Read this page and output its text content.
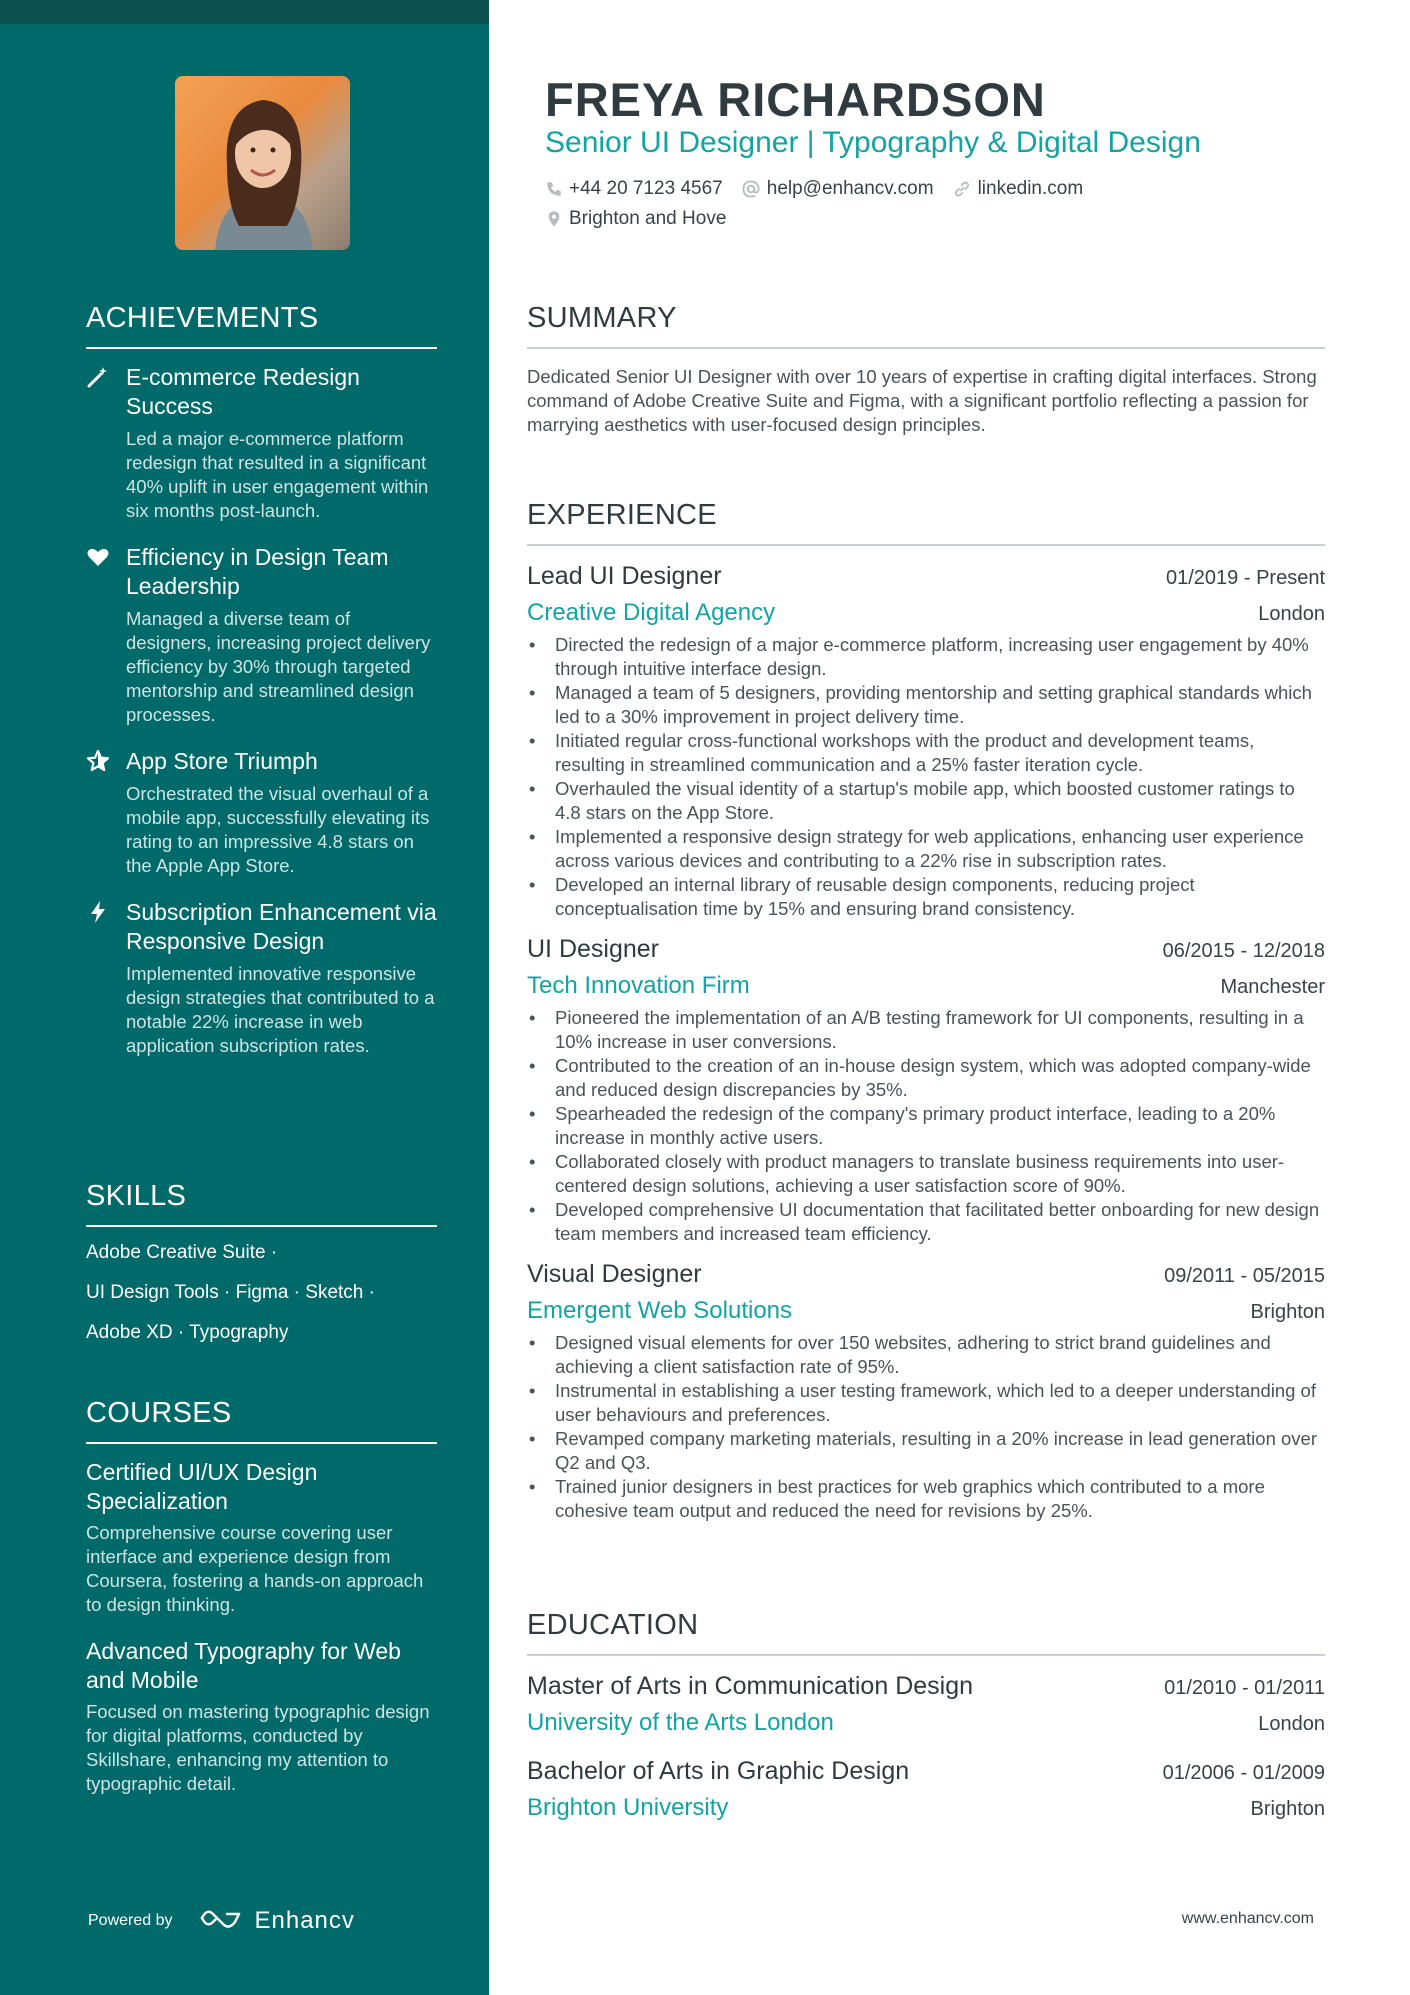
ACHIEVEMENTS
E-commerce Redesign Success
Led a major e-commerce platform redesign that resulted in a significant 40% uplift in user engagement within six months post-launch.
Efficiency in Design Team Leadership
Managed a diverse team of designers, increasing project delivery efficiency by 30% through targeted mentorship and streamlined design processes.
App Store Triumph
Orchestrated the visual overhaul of a mobile app, successfully elevating its rating to an impressive 4.8 stars on the Apple App Store.
Subscription Enhancement via Responsive Design
Implemented innovative responsive design strategies that contributed to a notable 22% increase in web application subscription rates.
SKILLS
Adobe Creative Suite ·
UI Design Tools · Figma · Sketch ·
Adobe XD · Typography
COURSES
Certified UI/UX Design Specialization
Comprehensive course covering user interface and experience design from Coursera, fostering a hands-on approach to design thinking.
Advanced Typography for Web and Mobile
Focused on mastering typographic design for digital platforms, conducted by Skillshare, enhancing my attention to typographic detail.
Powered by	Enhancv
FREYA RICHARDSON
Senior UI Designer | Typography & Digital Design
+44 20 7123 4567 help@enhancv.com linkedin.com
Brighton and Hove
SUMMARY
Dedicated Senior UI Designer with over 10 years of expertise in crafting digital interfaces. Strong command of Adobe Creative Suite and Figma, with a significant portfolio reflecting a passion for marrying aesthetics with user-focused design principles.
EXPERIENCE
Lead UI Designer	01/2019 - Present
Creative Digital Agency	London
• Directed the redesign of a major e-commerce platform, increasing user engagement by 40% through intuitive interface design.
• Managed a team of 5 designers, providing mentorship and setting graphical standards which led to a 30% improvement in project delivery time.
• Initiated regular cross-functional workshops with the product and development teams, resulting in streamlined communication and a 25% faster iteration cycle.
• Overhauled the visual identity of a startup's mobile app, which boosted customer ratings to 4.8 stars on the App Store.
• Implemented a responsive design strategy for web applications, enhancing user experience across various devices and contributing to a 22% rise in subscription rates.
• Developed an internal library of reusable design components, reducing project conceptualisation time by 15% and ensuring brand consistency.
UI Designer	06/2015 - 12/2018
Tech Innovation Firm	Manchester
• Pioneered the implementation of an A/B testing framework for UI components, resulting in a 10% increase in user conversions.
• Contributed to the creation of an in-house design system, which was adopted company-wide and reduced design discrepancies by 35%.
• Spearheaded the redesign of the company's primary product interface, leading to a 20% increase in monthly active users.
• Collaborated closely with product managers to translate business requirements into user-centered design solutions, achieving a user satisfaction score of 90%.
• Developed comprehensive UI documentation that facilitated better onboarding for new design team members and increased team efficiency.
Visual Designer	09/2011 - 05/2015
Emergent Web Solutions	Brighton
• Designed visual elements for over 150 websites, adhering to strict brand guidelines and achieving a client satisfaction rate of 95%.
• Instrumental in establishing a user testing framework, which led to a deeper understanding of user behaviours and preferences.
• Revamped company marketing materials, resulting in a 20% increase in lead generation over Q2 and Q3.
• Trained junior designers in best practices for web graphics which contributed to a more cohesive team output and reduced the need for revisions by 25%.
EDUCATION
Master of Arts in Communication Design	01/2010 - 01/2011
University of the Arts London	London
Bachelor of Arts in Graphic Design	01/2006 - 01/2009
Brighton University	Brighton
www.enhancv.com
